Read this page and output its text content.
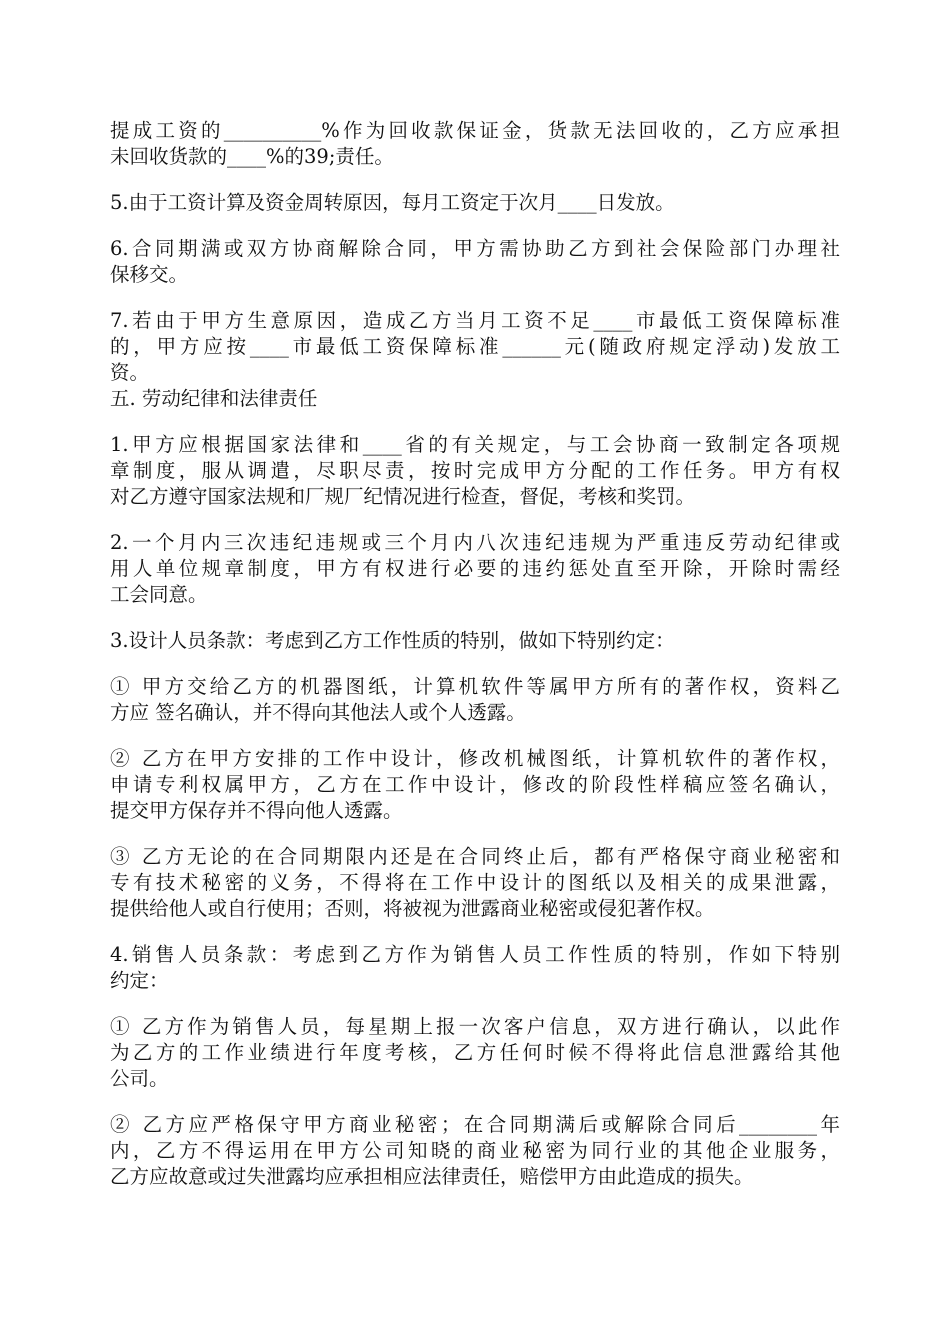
提成工资的__________%作为回收款保证金，货款无法回收的，乙方应承担
未回收货款的____%的39;责任。
5.由于工资计算及资金周转原因，每月工资定于次月____日发放。
6.合同期满或双方协商解除合同，甲方需协助乙方到社会保险部门办理社
保移交。
7.若由于甲方生意原因，造成乙方当月工资不足____市最低工资保障标准
的，甲方应按____市最低工资保障标准______元(随政府规定浮动)发放工
资。
五. 劳动纪律和法律责任
1.甲方应根据国家法律和____省的有关规定，与工会协商一致制定各项规
章制度，服从调遣，尽职尽责，按时完成甲方分配的工作任务。甲方有权
对乙方遵守国家法规和厂规厂纪情况进行检查，督促，考核和奖罚。
2.一个月内三次违纪违规或三个月内八次违纪违规为严重违反劳动纪律或
用人单位规章制度，甲方有权进行必要的违约惩处直至开除，开除时需经
工会同意。
3.设计人员条款：考虑到乙方工作性质的特别，做如下特别约定：
① 甲方交给乙方的机器图纸，计算机软件等属甲方所有的著作权，资料乙
方应 签名确认，并不得向其他法人或个人透露。
② 乙方在甲方安排的工作中设计，修改机械图纸，计算机软件的著作权，
申请专利权属甲方，乙方在工作中设计，修改的阶段性样稿应签名确认，
提交甲方保存并不得向他人透露。
③ 乙方无论的在合同期限内还是在合同终止后，都有严格保守商业秘密和
专有技术秘密的义务，不得将在工作中设计的图纸以及相关的成果泄露，
提供给他人或自行使用；否则，将被视为泄露商业秘密或侵犯著作权。
4.销售人员条款：考虑到乙方作为销售人员工作性质的特别，作如下特别
约定：
① 乙方作为销售人员，每星期上报一次客户信息，双方进行确认，以此作
为乙方的工作业绩进行年度考核，乙方任何时候不得将此信息泄露给其他
公司。
② 乙方应严格保守甲方商业秘密；在合同期满后或解除合同后________年
内，乙方不得运用在甲方公司知晓的商业秘密为同行业的其他企业服务，
乙方应故意或过失泄露均应承担相应法律责任，赔偿甲方由此造成的损失。
